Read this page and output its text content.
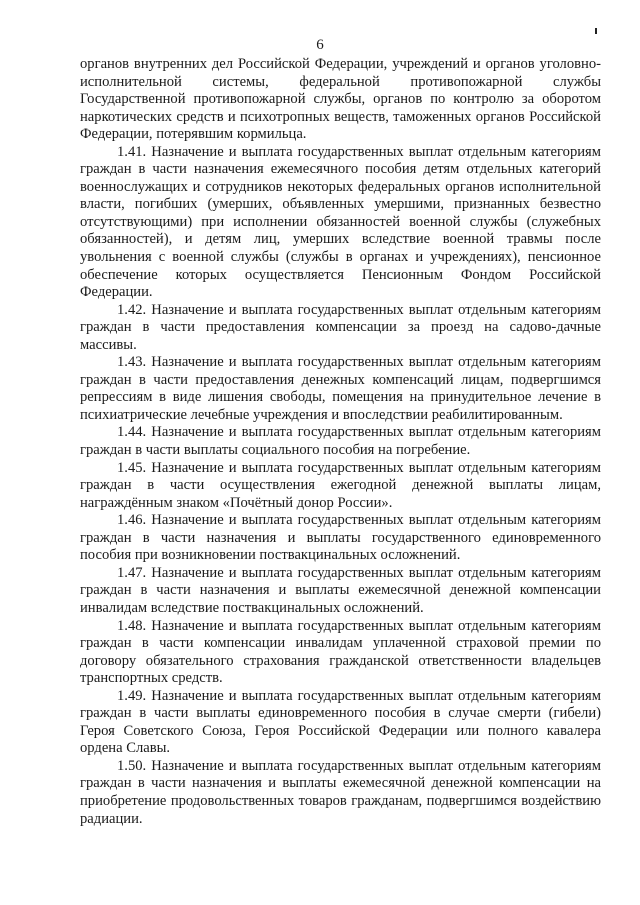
6

органов внутренних дел Российской Федерации, учреждений и органов уголовно-исполнительной системы, федеральной противопожарной службы Государственной противопожарной службы, органов по контролю за оборотом наркотических средств и психотропных веществ, таможенных органов Российской Федерации, потерявшим кормильца.

1.41. Назначение и выплата государственных выплат отдельным категориям граждан в части назначения ежемесячного пособия детям отдельных категорий военнослужащих и сотрудников некоторых федеральных органов исполнительной власти, погибших (умерших, объявленных умершими, признанных безвестно отсутствующими) при исполнении обязанностей военной службы (служебных обязанностей), и детям лиц, умерших вследствие военной травмы после увольнения с военной службы (службы в органах и учреждениях), пенсионное обеспечение которых осуществляется Пенсионным Фондом Российской Федерации.

1.42. Назначение и выплата государственных выплат отдельным категориям граждан в части предоставления компенсации за проезд на садово-дачные массивы.

1.43. Назначение и выплата государственных выплат отдельным категориям граждан в части предоставления денежных компенсаций лицам, подвергшимся репрессиям в виде лишения свободы, помещения на принудительное лечение в психиатрические лечебные учреждения и впоследствии реабилитированным.

1.44. Назначение и выплата государственных выплат отдельным категориям граждан в части выплаты социального пособия на погребение.

1.45. Назначение и выплата государственных выплат отдельным категориям граждан в части осуществления ежегодной денежной выплаты лицам, награждённым знаком «Почётный донор России».

1.46. Назначение и выплата государственных выплат отдельным категориям граждан в части назначения и выплаты государственного единовременного пособия при возникновении поствакцинальных осложнений.

1.47. Назначение и выплата государственных выплат отдельным категориям граждан в части назначения и выплаты ежемесячной денежной компенсации инвалидам вследствие поствакцинальных осложнений.

1.48. Назначение и выплата государственных выплат отдельным категориям граждан в части компенсации инвалидам уплаченной страховой премии по договору обязательного страхования гражданской ответственности владельцев транспортных средств.

1.49. Назначение и выплата государственных выплат отдельным категориям граждан в части выплаты единовременного пособия в случае смерти (гибели) Героя Советского Союза, Героя Российской Федерации или полного кавалера ордена Славы.

1.50. Назначение и выплата государственных выплат отдельным категориям граждан в части назначения и выплаты ежемесячной денежной компенсации на приобретение продовольственных товаров гражданам, подвергшимся воздействию радиации.
